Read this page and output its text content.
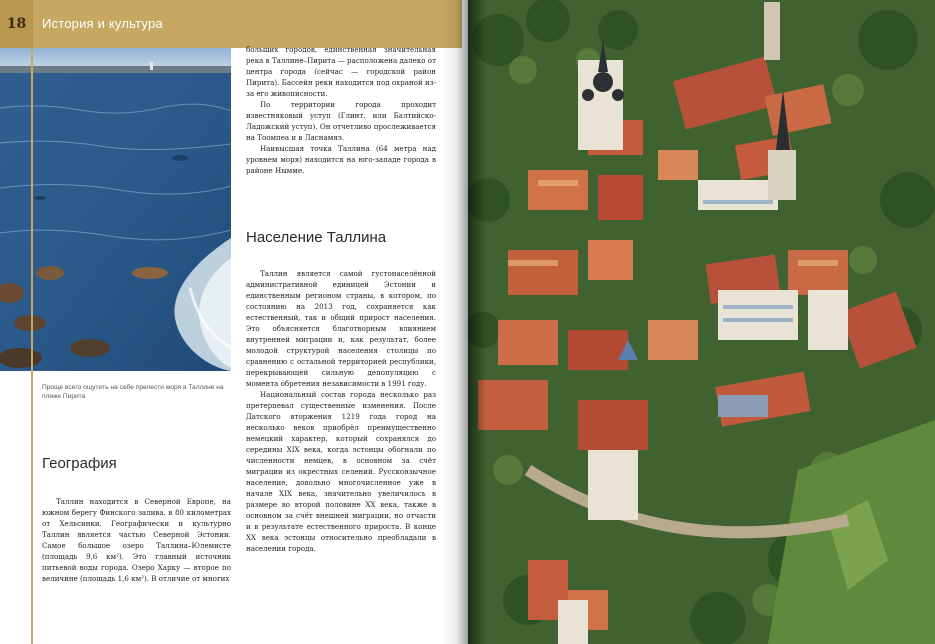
18	История и культура
Проще всего ощутить на себе прелести моря в Таллине на пляже Пирита
География

Таллин находится в Северной Европе, на южном берегу Финского залива, в 80 километрах от Хельсинки. Географически и культурно Таллин является частью Северной Эстонии. Самое большое озеро Таллина–Юлемисте (площадь 9,6 км²). Это главный источник питьевой воды города. Озеро Харку — второе по величине (площадь 1,6 км²). В отличие от многих

больших городов, единственная значительная река в Таллине–Пирита — расположена далеко от центра города (сейчас — городской район Пирита). Бассейн реки находится под охраной из-за его живописности.

По территории города проходит известняковый уступ (Глинт, или Балтийско-Ладожский уступ). Он отчетливо прослеживается на Тоомпеа и в Ласнамяэ.

Наивысшая точка Таллина (64 метра над уровнем моря) находится на юго-западе города в районе Нымме.

Население Таллина

Таллин является самой густонаселённой административной единицей Эстонии и единственным регионом страны, в котором, по состоянию на 2013 год, сохраняется как естественный, так и общий прирост населения. Это объясняется благотворным влиянием внутренней миграции и, как результат, более молодой структурой населения столицы по сравнению с остальной территорией республики, перекрывающей сильную депопуляцию с момента обретения независимости в 1991 году.

Национальный состав города несколько раз претерпевал существенные изменения. После Датского вторжения 1219 года город на несколько веков приобрёл преимущественно немецкий характер, который сохранялся до середины XIX века, когда эстонцы обогнали по численности немцев, в основном за счёт миграции из окрестных селений. Русскоязычное население, довольно многочисленное уже в начале XIX века, значительно увеличилось в размере во второй половине XX века, также в основном за счёт внешней миграции, но отчасти и в результате естественного прироста. В конце XX века эстонцы относительно преобладали в населении города.
